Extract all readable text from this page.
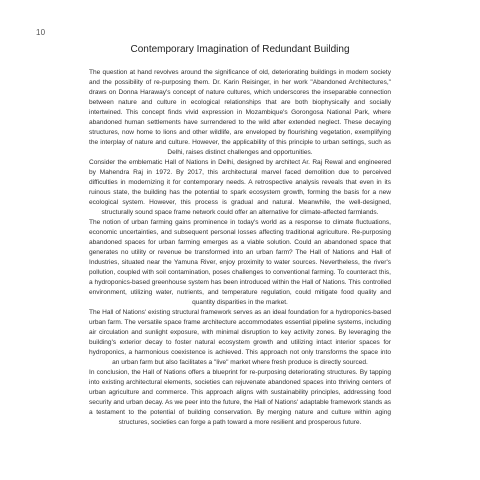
10
Contemporary Imagination of Redundant Building

The question at hand revolves around the significance of old, deteriorating buildings in modern society and the possibility of re-purposing them. Dr. Karin Reisinger, in her work "Abandoned Architectures," draws on Donna Haraway's concept of nature cultures, which underscores the inseparable connection between nature and culture in ecological relationships that are both biophysically and socially intertwined. This concept finds vivid expression in Mozambique's Gorongosa National Park, where abandoned human settlements have surrendered to the wild after extended neglect. These decaying structures, now home to lions and other wildlife, are enveloped by flourishing vegetation, exemplifying the interplay of nature and culture. However, the applicability of this principle to urban settings, such as Delhi, raises distinct challenges and opportunities.

Consider the emblematic Hall of Nations in Delhi, designed by architect Ar. Raj Rewal and engineered by Mahendra Raj in 1972. By 2017, this architectural marvel faced demolition due to perceived difficulties in modernizing it for contemporary needs. A retrospective analysis reveals that even in its ruinous state, the building has the potential to spark ecosystem growth, forming the basis for a new ecological system. However, this process is gradual and natural. Meanwhile, the well-designed, structurally sound space frame network could offer an alternative for climate-affected farmlands.

The notion of urban farming gains prominence in today's world as a response to climate fluctuations, economic uncertainties, and subsequent personal losses affecting traditional agriculture. Re-purposing abandoned spaces for urban farming emerges as a viable solution. Could an abandoned space that generates no utility or revenue be transformed into an urban farm? The Hall of Nations and Hall of Industries, situated near the Yamuna River, enjoy proximity to water sources. Nevertheless, the river's pollution, coupled with soil contamination, poses challenges to conventional farming. To counteract this, a hydroponics-based greenhouse system has been introduced within the Hall of Nations. This controlled environment, utilizing water, nutrients, and temperature regulation, could mitigate food quality and quantity disparities in the market.

The Hall of Nations' existing structural framework serves as an ideal foundation for a hydroponics-based urban farm. The versatile space frame architecture accommodates essential pipeline systems, including air circulation and sunlight exposure, with minimal disruption to key activity zones. By leveraging the building's exterior decay to foster natural ecosystem growth and utilizing intact interior spaces for hydroponics, a harmonious coexistence is achieved. This approach not only transforms the space into an urban farm but also facilitates a "live" market where fresh produce is directly sourced.

In conclusion, the Hall of Nations offers a blueprint for re-purposing deteriorating structures. By tapping into existing architectural elements, societies can rejuvenate abandoned spaces into thriving centers of urban agriculture and commerce. This approach aligns with sustainability principles, addressing food security and urban decay. As we peer into the future, the Hall of Nations' adaptable framework stands as a testament to the potential of building conservation. By merging nature and culture within aging structures, societies can forge a path toward a more resilient and prosperous future.
